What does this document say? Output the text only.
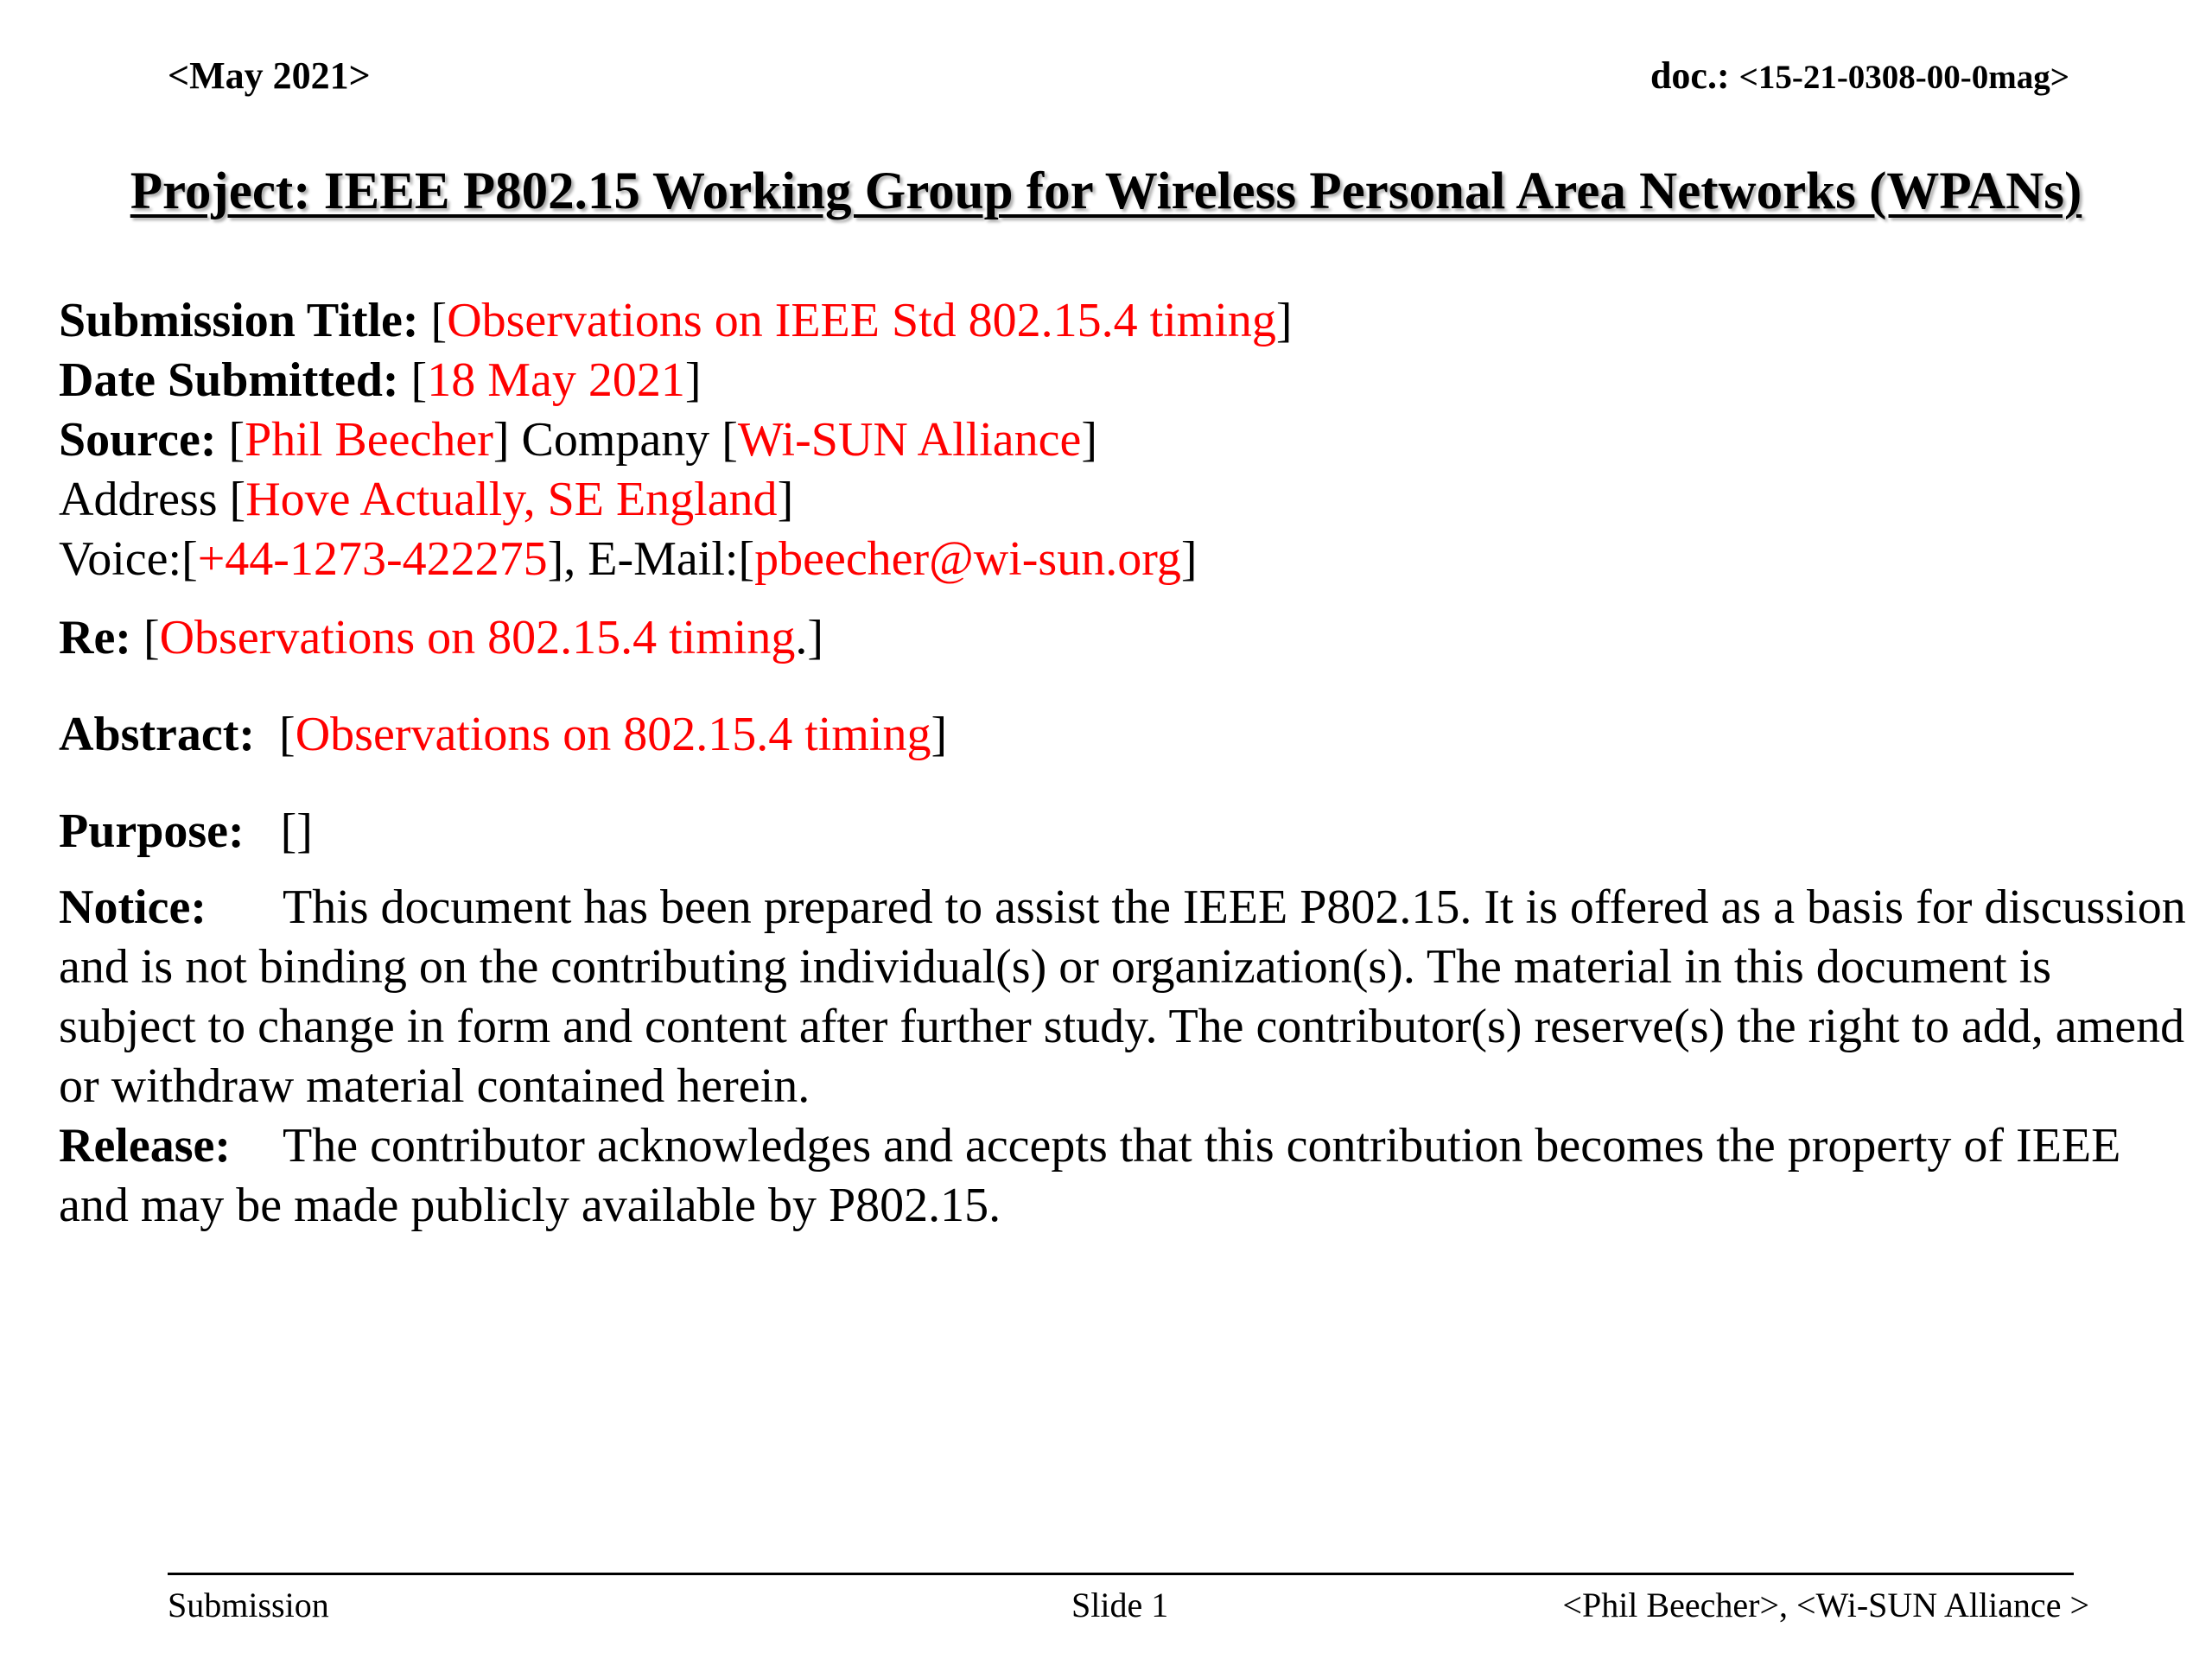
<May 2021>	doc.: <15-21-0308-00-0mag>
Project: IEEE P802.15 Working Group for Wireless Personal Area Networks (WPANs)
Submission Title: [Observations on IEEE Std 802.15.4 timing]
Date Submitted: [18 May 2021]
Source: [Phil Beecher] Company [Wi-SUN Alliance]
Address [Hove Actually, SE England]
Voice:[+44-1273-422275], E-Mail:[pbeecher@wi-sun.org]
Re: [Observations on 802.15.4 timing.]
Abstract:  [Observations on 802.15.4 timing]
Purpose: []

Notice: This document has been prepared to assist the IEEE P802.15. It is offered as a basis for discussion and is not binding on the contributing individual(s) or organization(s). The material in this document is subject to change in form and content after further study. The contributor(s) reserve(s) the right to add, amend or withdraw material contained herein.

Release: The contributor acknowledges and accepts that this contribution becomes the property of IEEE and may be made publicly available by P802.15.

Submission	Slide 1	<Phil Beecher>, <Wi-SUN Alliance >
